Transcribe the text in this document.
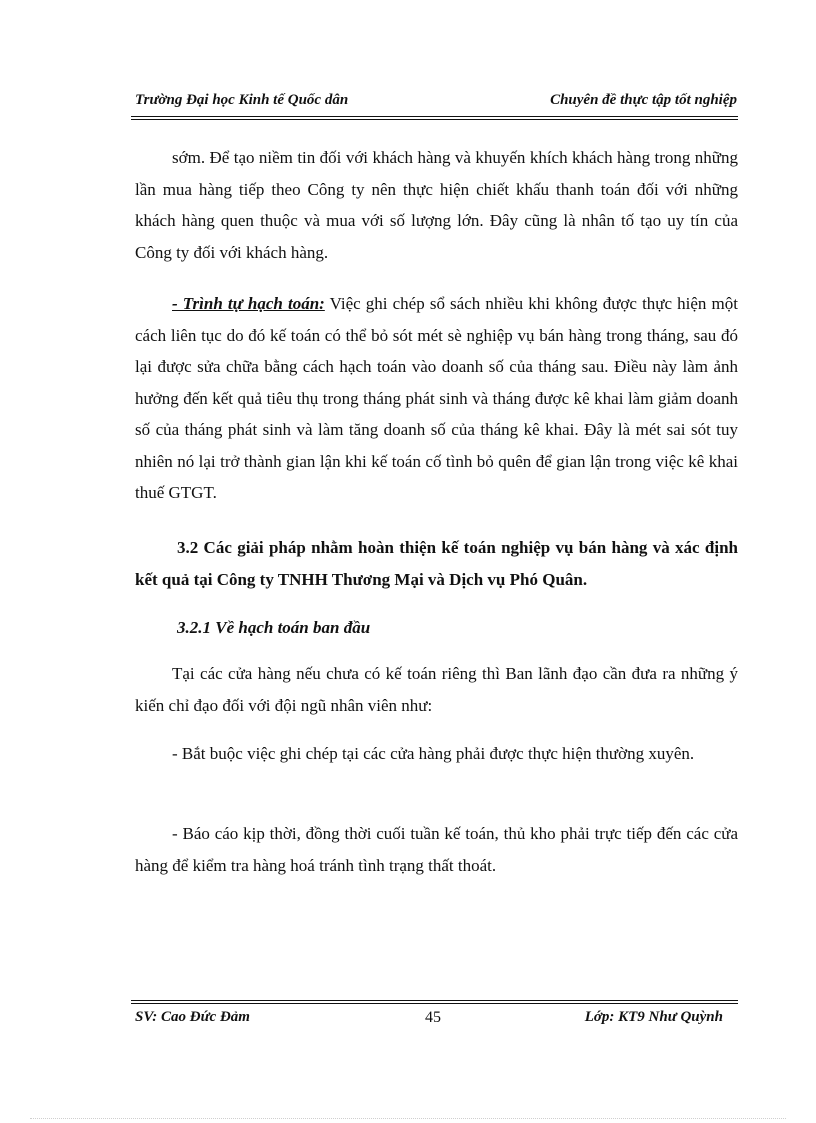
Trường Đại học Kinh tế Quốc dân	Chuyên đề thực tập tốt nghiệp

sớm. Để tạo niềm tin đối với khách hàng và khuyến khích khách hàng trong những lần mua hàng tiếp theo Công ty nên thực hiện chiết khấu thanh toán đối với những khách hàng quen thuộc và mua với số lượng lớn. Đây cũng là nhân tố tạo uy tín của Công ty đối với khách hàng.

- Trình tự hạch toán: Việc ghi chép sổ sách nhiều khi không được thực hiện một cách liên tục do đó kế toán có thể bỏ sót mét sè nghiệp vụ bán hàng trong tháng, sau đó lại được sửa chữa bằng cách hạch toán vào doanh số của tháng sau. Điều này làm ảnh hưởng đến kết quả tiêu thụ trong tháng phát sinh và tháng được kê khai làm giảm doanh số của tháng phát sinh và làm tăng doanh số của tháng kê khai. Đây là mét sai sót tuy nhiên nó lại trở thành gian lận khi kế toán cố tình bỏ quên để gian lận trong việc kê khai thuế GTGT.

3.2 Các giải pháp nhằm hoàn thiện kế toán nghiệp vụ bán hàng và xác định kết quả tại Công ty TNHH Thương Mại và Dịch vụ Phó Quân.

3.2.1 Về hạch toán ban đầu

Tại các cửa hàng nếu chưa có kế toán riêng thì Ban lãnh đạo cần đưa ra những ý kiến chỉ đạo đối với đội ngũ nhân viên như:

- Bắt buộc việc ghi chép tại các cửa hàng phải được thực hiện thường xuyên.

- Báo cáo kịp thời, đồng thời cuối tuần kế toán, thủ kho phải trực tiếp đến các cửa hàng để kiểm tra hàng hoá tránh tình trạng thất thoát.

SV: Cao Đức Đảm	45	Lớp: KT9 Như Quỳnh
